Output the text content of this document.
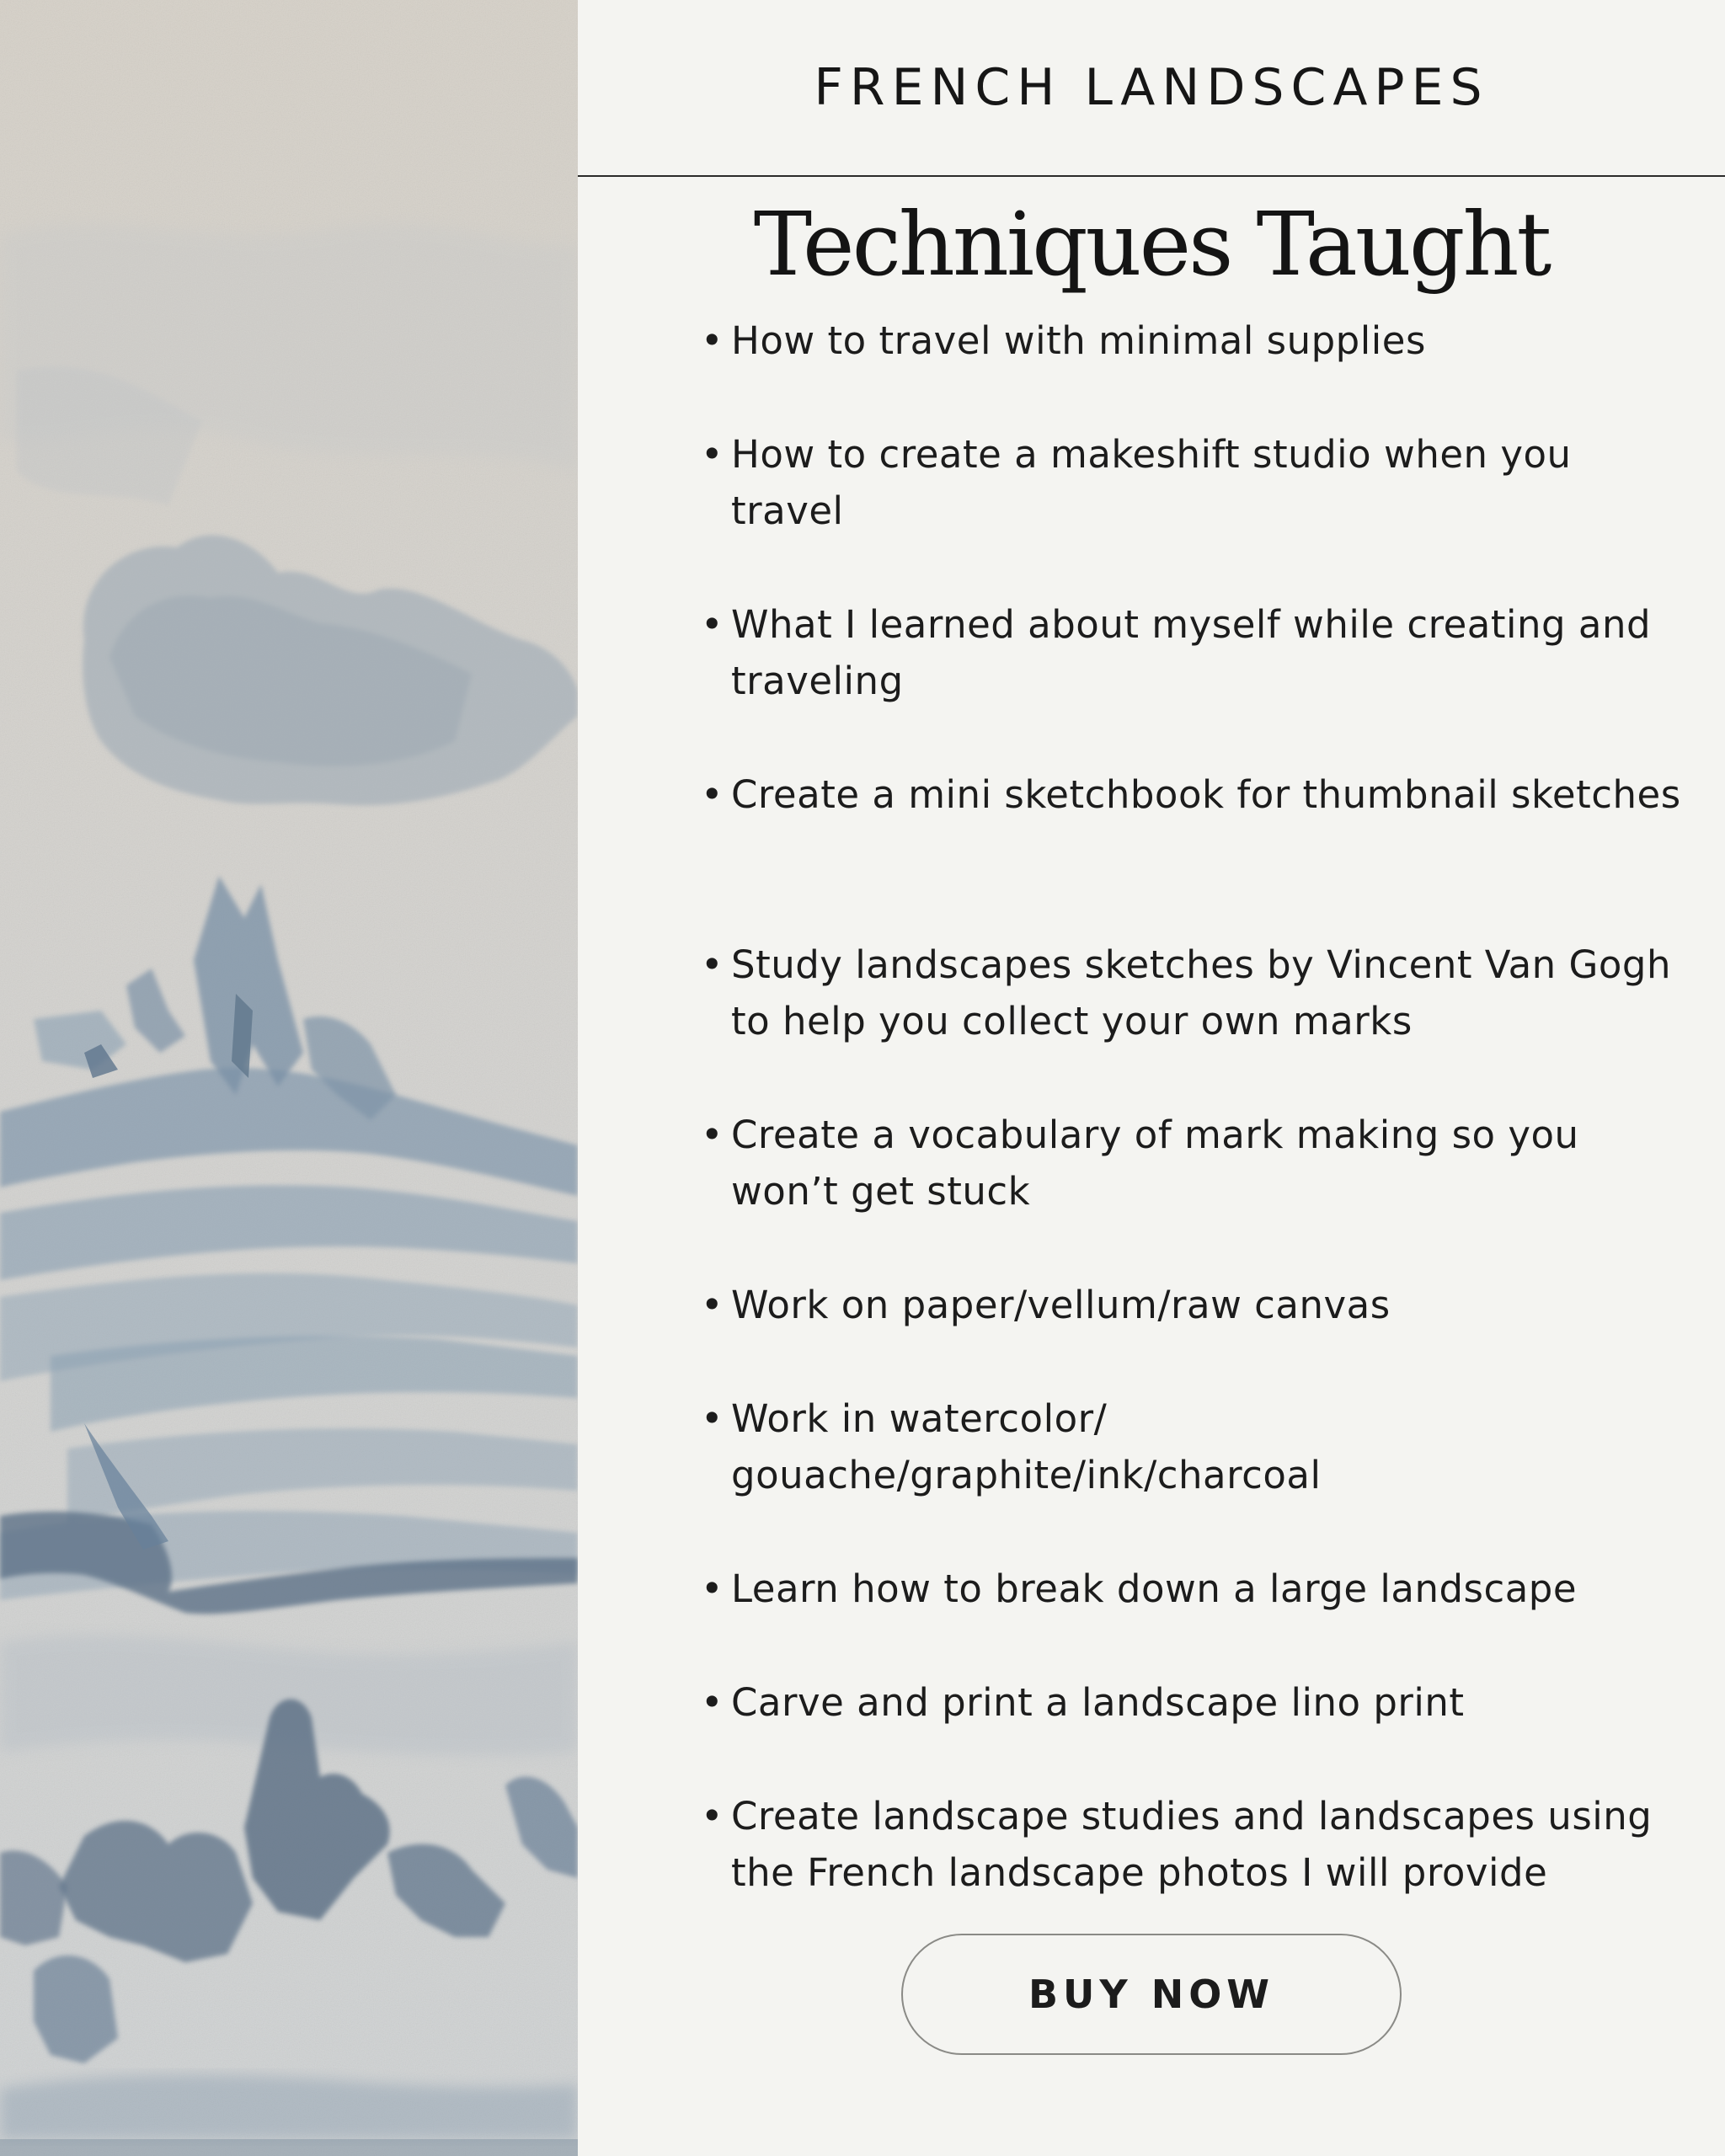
FRENCH LANDSCAPES
Techniques Taught
• How to travel with minimal supplies
• How to create a makeshift studio when you travel
• What I learned about myself while creating and traveling
• Create a mini sketchbook for thumbnail sketches
• Study landscapes sketches by Vincent Van Gogh to help you collect your own marks
• Create a vocabulary of mark making so you won’t get stuck
• Work on paper/vellum/raw canvas
• Work in watercolor/ gouache/graphite/ink/charcoal
• Learn how to break down a large landscape
• Carve and print a landscape lino print
• Create landscape studies and landscapes using the French landscape photos I will provide
BUY NOW
